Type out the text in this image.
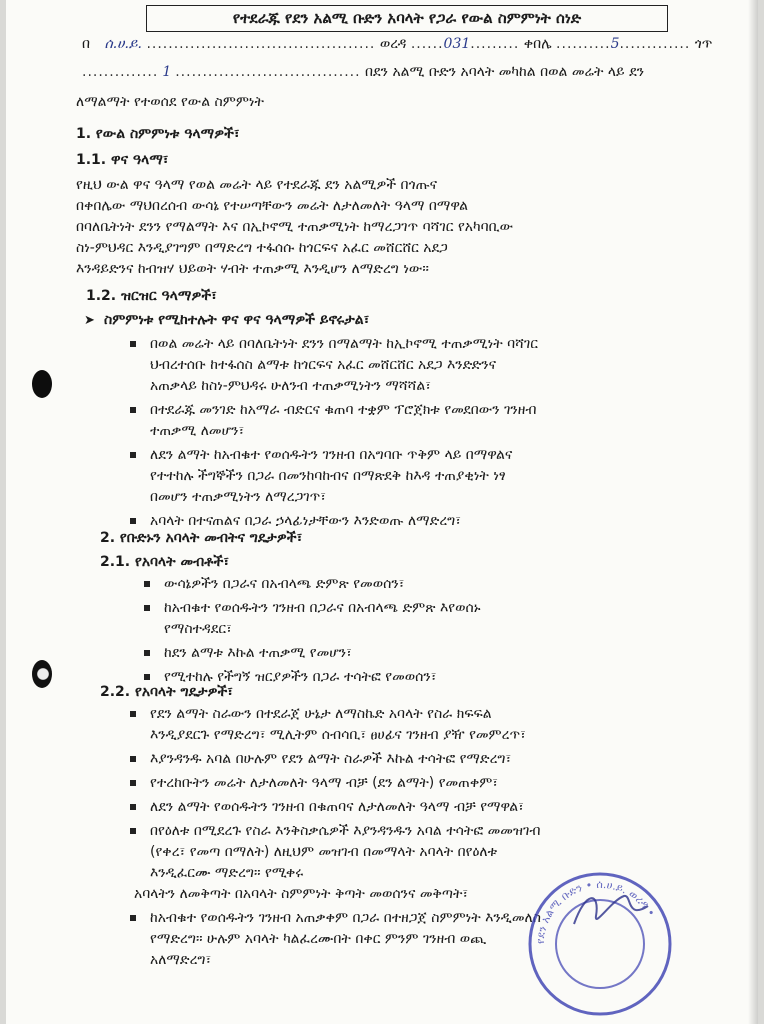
የተደራጁ የደን አልሚ ቡድን አባላት የጋራ የውል ስምምነት ሰነድ
በ ሰ.ሀ.ይ. .......................................... ወረዳ ......031......... ቀበሌ ..........5............. ጎጥ
.............. 1 .................................. በደን አልሚ ቡድን አባላት መካከል በወል መሬት ላይ ደን
ለማልማት የተወሰደ የውል ስምምነት
1. የውል ስምምነቱ ዓላማዎች፣
1.1. ዋና ዓላማ፣
የዚህ ውል ዋና ዓላማ የወል መሬት ላይ የተደራጁ ደን አልሚዎች በጎጡና
በቀበሌው ማህበረሰብ ውሳኔ የተሠጣቸውን መሬት ለታለመለት ዓላማ በማዋል
በባለቤትነት ደንን የማልማት እና በኢኮኖሚ ተጠቃሚነት ከማረጋገጥ ባሻገር የአካባቢው
ስነ-ምህዳር እንዲያገግም በማድረግ ተፋሰሱ ከጎርፍና አፈር መሸርሸር አደጋ
እንዳይድንና ከብዝሃ ህይወት ሃብት ተጠቃሚ እንዲሆን ለማድረግ ነው።
1.2. ዝርዝር ዓላማዎች፣
➤ ስምምነቱ የሚከተሉት ዋና ዋና ዓላማዎች ይኖሩታል፣
በወል መሬት ላይ በባለቤትነት ደንን በማልማት ከኢኮኖሚ ተጠቃሚነት ባሻገር
ህብረተሰቡ ከተፋሰስ ልማቱ ከጎርፍና አፈር መሸርሸር አደጋ እንድድንና
አጠቃላይ ከስነ-ምህዳሩ ሁለንብ ተጠቃሚነትን ማሻሻል፣
በተደራጁ መንገድ ከአማራ ብድርና ቁጠባ ተቋም ፕሮጀክቱ የመደበውን ገንዘብ
ተጠቃሚ ለመሆን፣
ለደን ልማት ከአብቁተ የወሰዱትን ገንዘብ በአግባቡ ጥቅም ላይ በማዋልና
የተተከሉ ችግኞችን በጋራ በመንከባከብና በማጽደቅ ከእዳ ተጠያቂነት ነፃ
በመሆን ተጠቃሚነትን ለማረጋገጥ፣
አባላት በተናጠልና በጋራ ኃላፊነታቸውን እንድወጡ ለማድረግ፣
2. የቡድኑን አባላት መብትና ግዴታዎች፣
2.1. የአባላት መብቶች፣
ውሳኔዎችን በጋራና በአብላጫ ድምጽ የመወሰን፣
ከአብቁተ የወሰዱትን ገንዘብ በጋራና በአብላጫ ድምጽ እየወሰኑ
የማስተዳደር፣
ከደን ልማቱ እኩል ተጠቃሚ የመሆን፣
የሚተከሉ የችግኝ ዝርያዎችን በጋራ ተሳትፎ የመወሰን፣
2.2. የአባላት ግዴታዎች፣
የደን ልማት ስራውን በተደራጀ ሁኔታ ለማስኬድ አባላት የስራ ክፍፍል
እንዲያደርጉ የማድረግ፣ ሚሊትም ሰብሳቢ፣ ፀሀፊና ገንዘብ ያዥ የመምረጥ፣
እያንዳንዱ አባል በሁሉም የደን ልማት ስራዎች እኩል ተሳትፎ የማድረግ፣
የተረከቡትን መሬት ለታለመለት ዓላማ ብቻ (ደን ልማት) የመጠቀም፣
ለደን ልማት የወሰዱትን ገንዘብ በቁጠባና ለታለመለት ዓላማ ብቻ የማዋል፣
በየዕለቱ በሚደረጉ የስራ እንቅስቃሴዎች እያንዳንዱን አባል ተሳትፎ መመዝገብ
(የቀረ፣ የመጣ በማለት) ለዚህም መዝገብ በመማላት አባላት በየዕለቱ
እንዲፈርሙ ማድረግ። የሚቀሩ
አባላትን ለመቅጣት በአባላት ስምምነት ቅጣት መወሰንና መቅጣት፣
ከአብቁተ የወሰዱትን ገንዘብ አጠቃቀም በጋራ በተዘጋጀ ስምምነት እንዲመለስ
የማድረግ። ሁሉም አባላት ካልፈረሙበት በቀር ምንም ገንዘብ ወጪ
አለማድረግ፣
የደን አልሚ ቡድን • ሰ.ሀ.ይ. ወረዳ •
